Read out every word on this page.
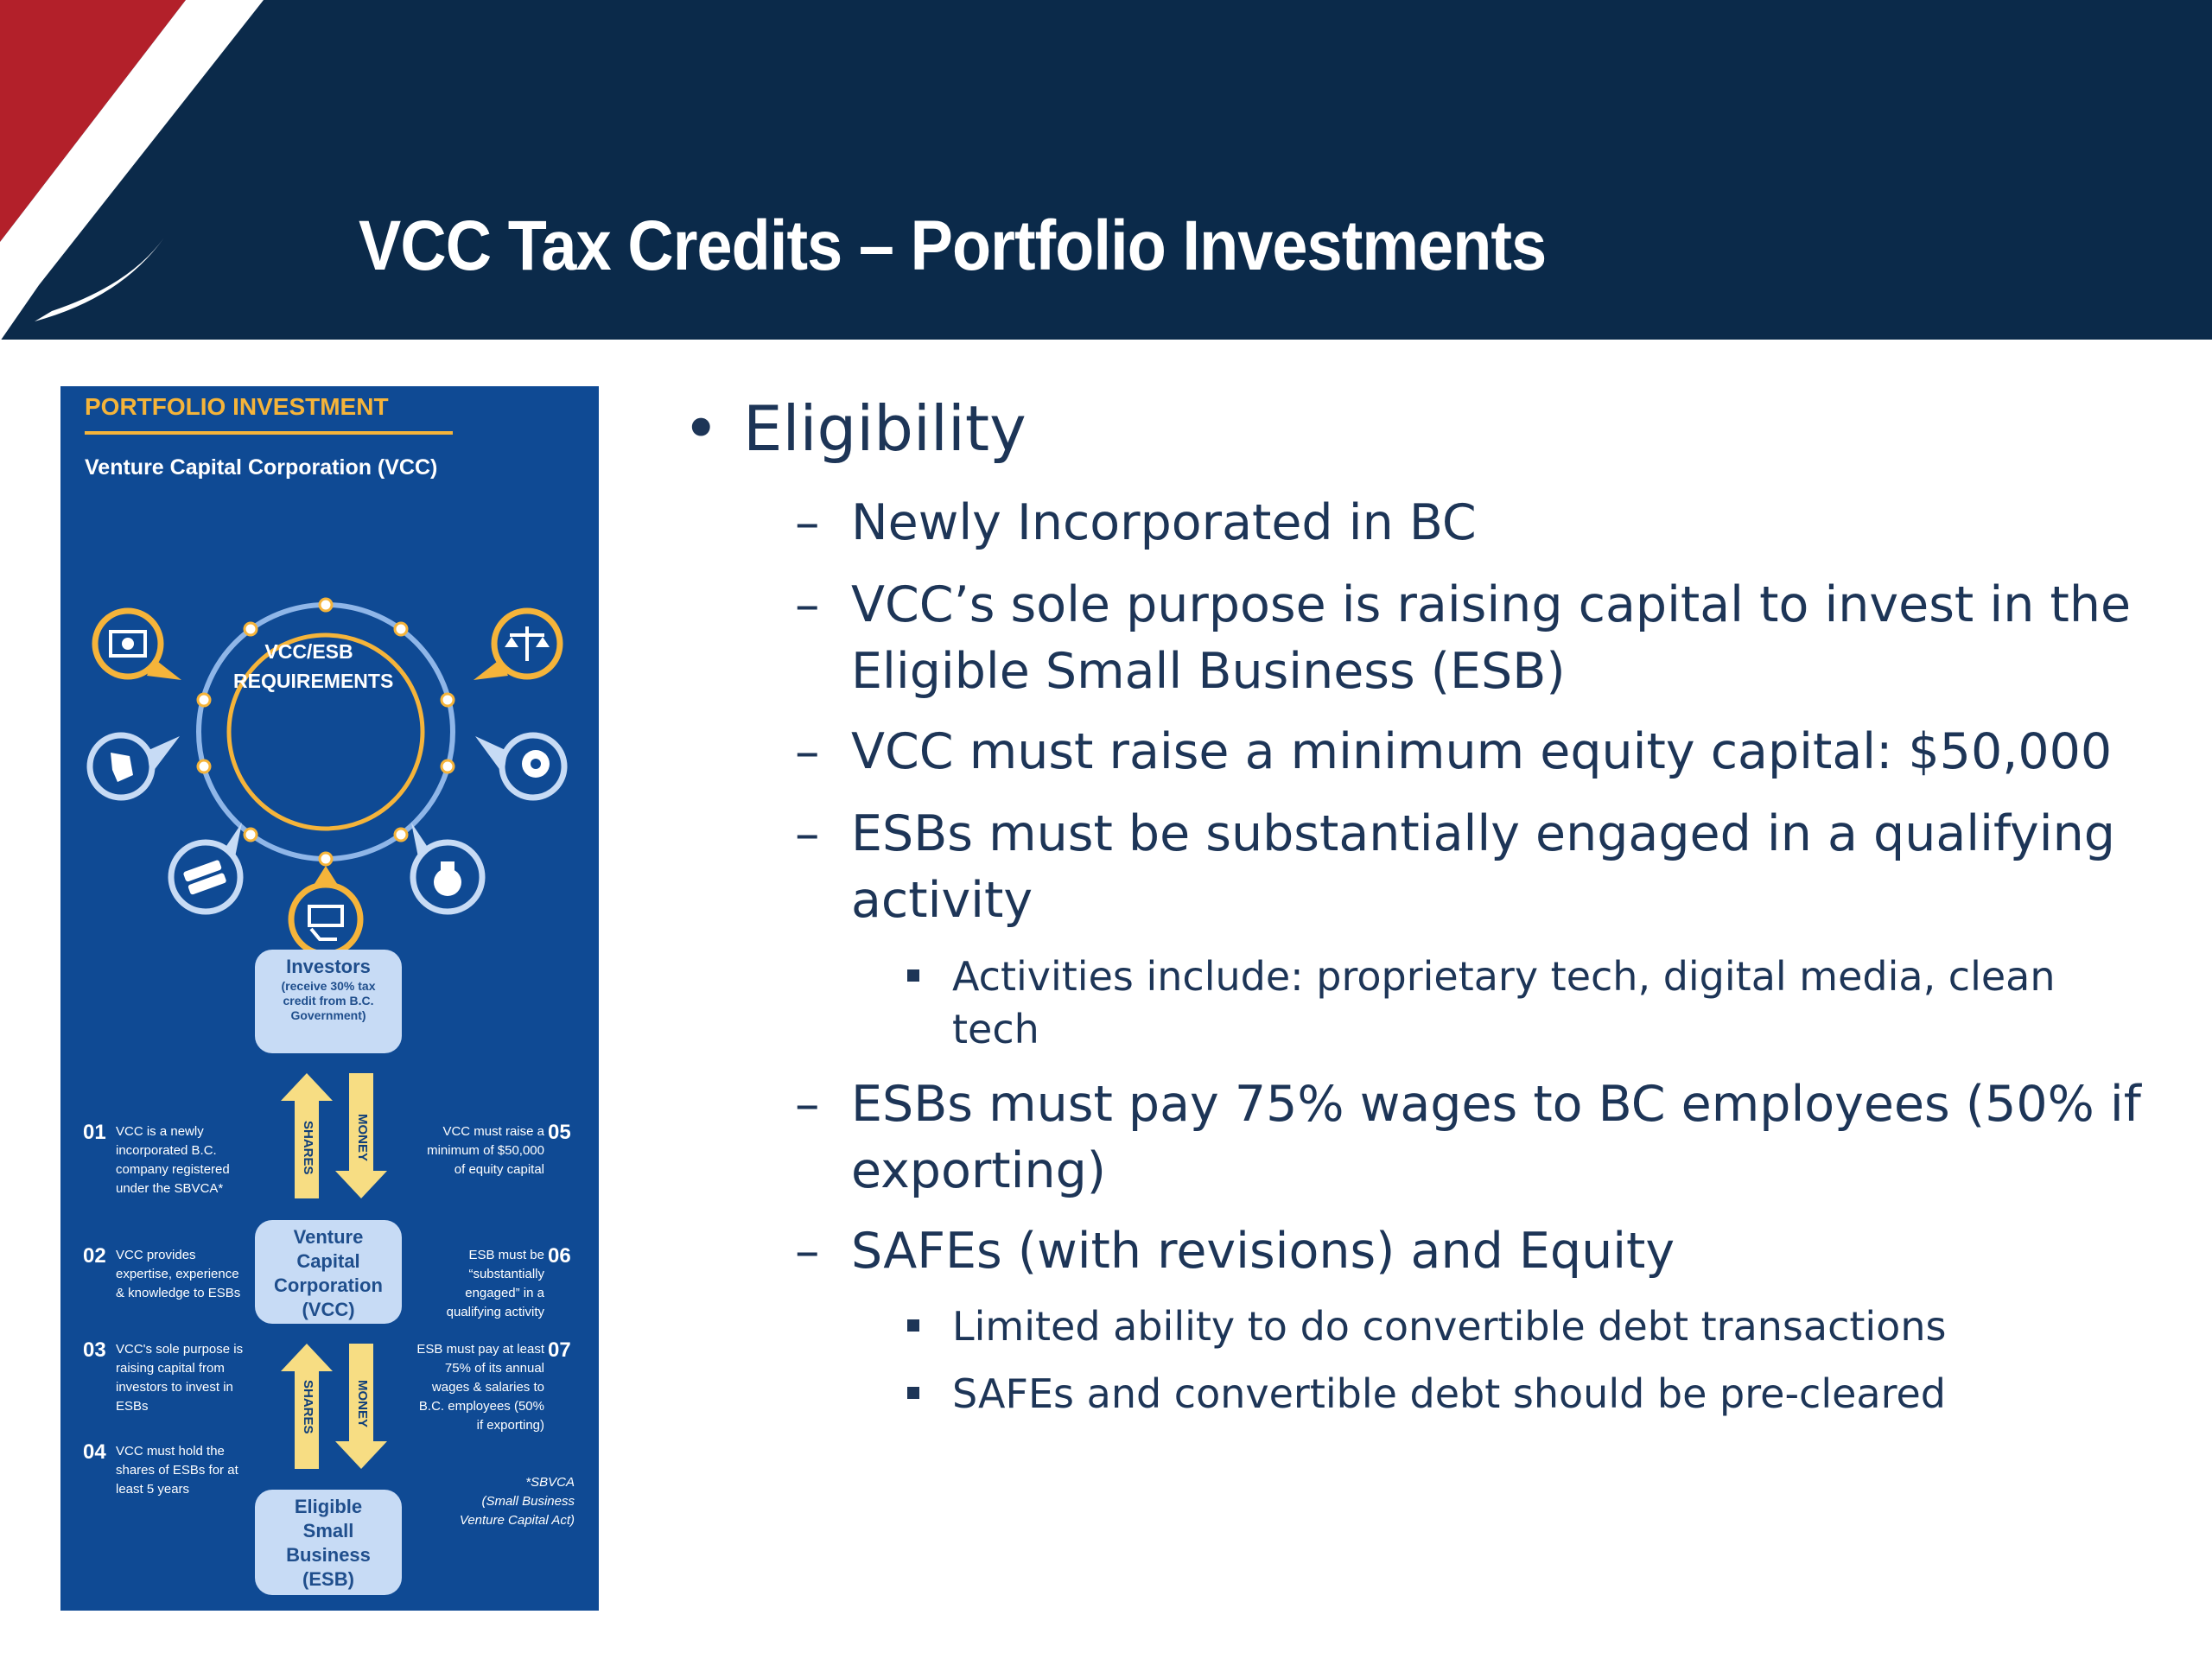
VCC Tax Credits – Portfolio Investments
PORTFOLIO INVESTMENT
Venture Capital Corporation (VCC)
VCC/ESB
REQUIREMENTS
Investors
(receive 30% tax credit from B.C. Government)
SHARES	MONEY
Venture Capital Corporation (VCC)
SHARES	MONEY
Eligible Small Business (ESB)
01 VCC is a newly incorporated B.C. company registered under the SBVCA*
02 VCC provides expertise, experience & knowledge to ESBs
03 VCC's sole purpose is raising capital from investors to invest in ESBs
04 VCC must hold the shares of ESBs for at least 5 years
VCC must raise a minimum of $50,000 of equity capital
05
ESB must be “substantially engaged” in a qualifying activity
06
ESB must pay at least 75% of its annual wages & salaries to B.C. employees (50% if exporting)
07
*SBVCA
(Small Business Venture Capital Act)
• Eligibility
– Newly Incorporated in BC
– VCC’s sole purpose is raising capital to invest in the Eligible Small Business (ESB)
– VCC must raise a minimum equity capital: $50,000
– ESBs must be substantially engaged in a qualifying activity
Activities include: proprietary tech, digital media, clean tech
– ESBs must pay 75% wages to BC employees (50% if exporting)
– SAFEs (with revisions) and Equity
Limited ability to do convertible debt transactions
SAFEs and convertible debt should be pre-cleared
